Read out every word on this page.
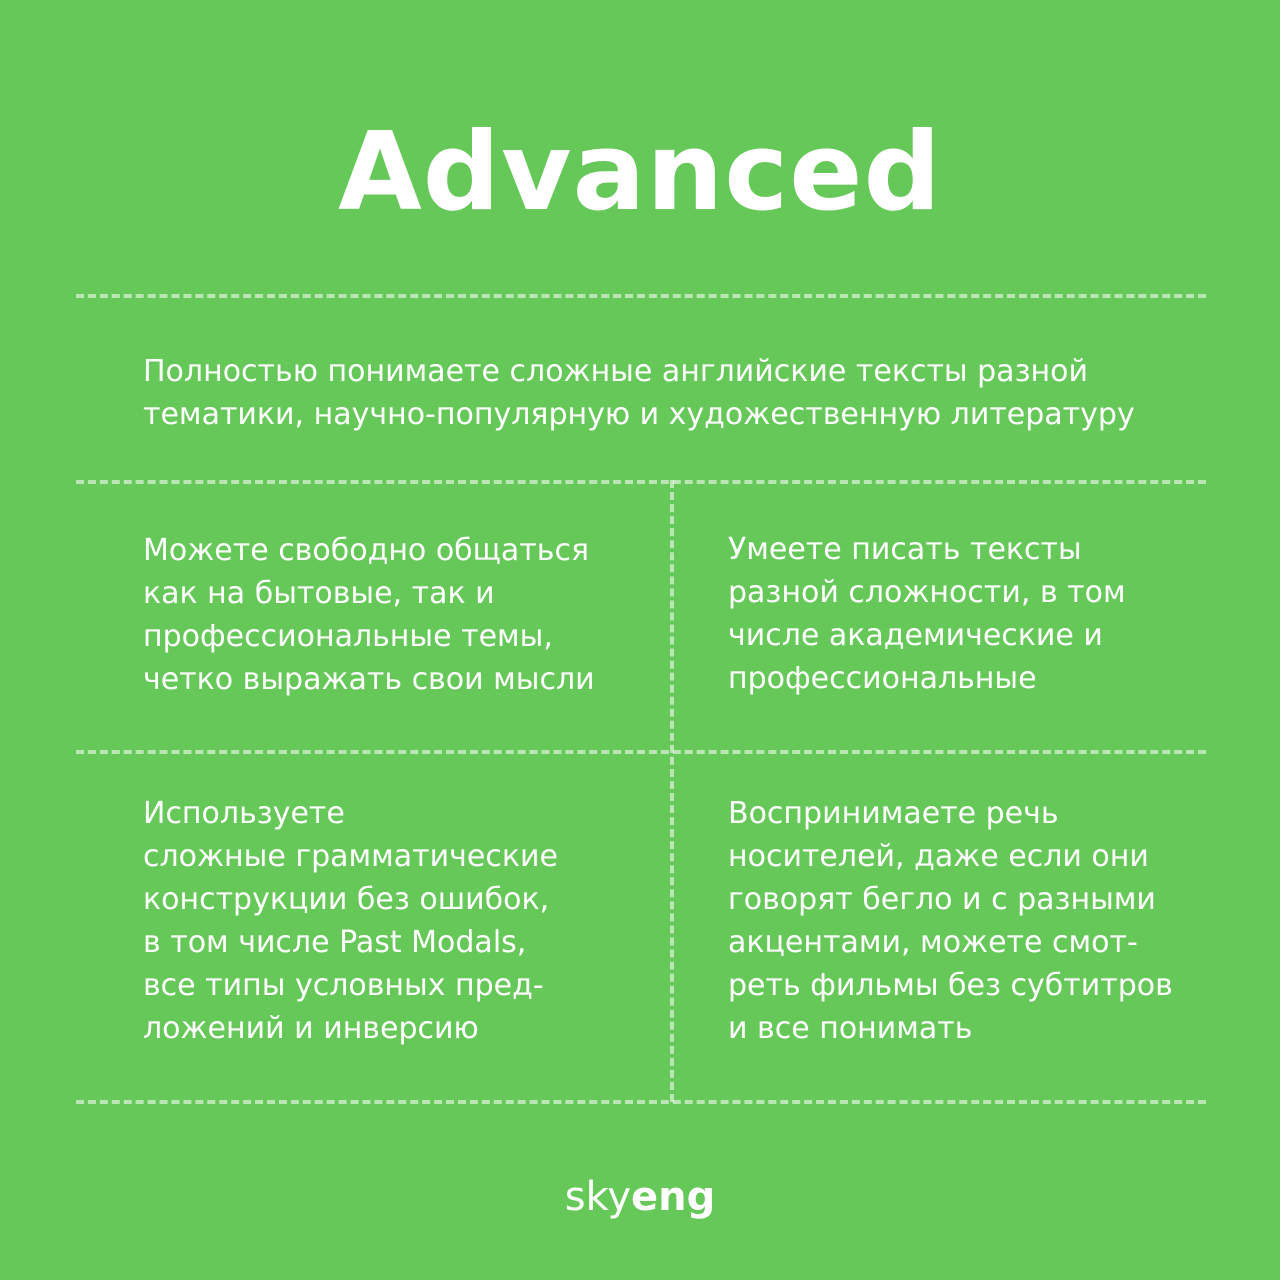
Advanced
Полностью понимаете сложные английские тексты разной
тематики, научно-популярную и художественную литературу
Можете свободно общаться
как на бытовые, так и
профессиональные темы,
четко выражать свои мысли
Умеете писать тексты
разной сложности, в том
числе академические и
профессиональные
Используете
сложные грамматические
конструкции без ошибок,
в том числе Past Modals,
все типы условных пред-
ложений и инверсию
Воспринимаете речь
носителей, даже если они
говорят бегло и с разными
акцентами, можете смот-
реть фильмы без субтитров
и все понимать
skyeng
